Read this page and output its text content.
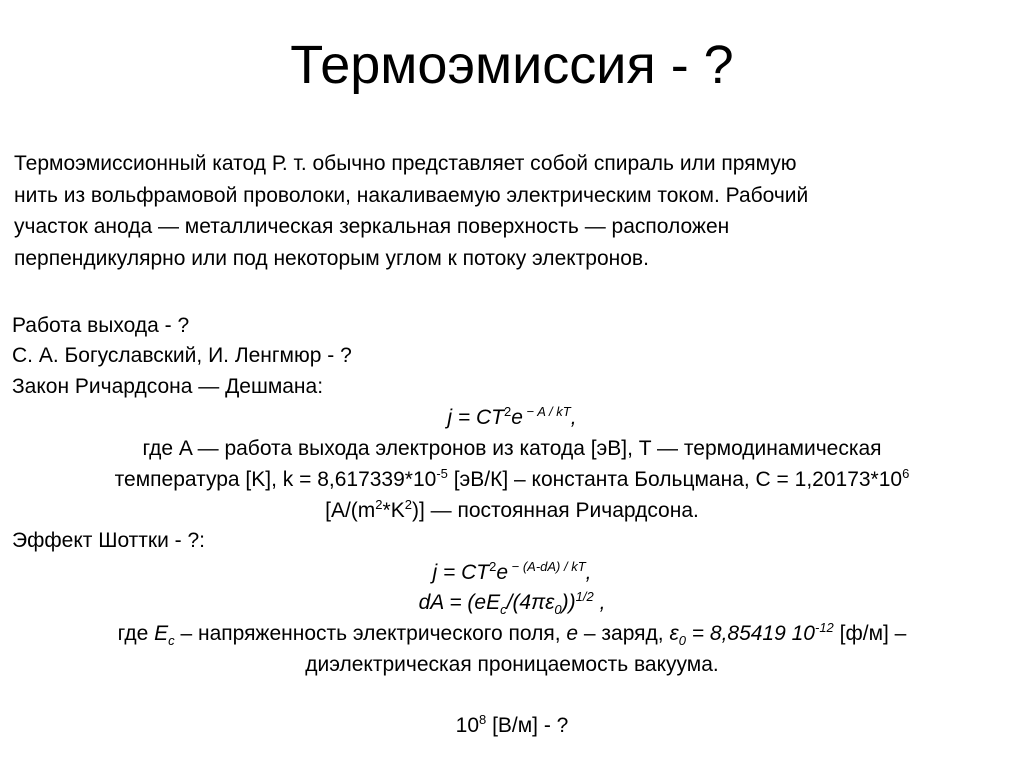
Термоэмиссия - ?
Термоэмиссионный катод Р. т. обычно представляет собой спираль или прямую
нить из вольфрамовой проволоки, накаливаемую электрическим током. Рабочий
участок анода — металлическая зеркальная поверхность — расположен
перпендикулярно или под некоторым углом к потоку электронов.
Работа выхода - ?
С. А. Богуславский, И. Ленгмюр - ?
Закон Ричардсона — Дешмана:
$j = CT^2e$ $^{- A / kT}$,
где A — работа выхода электронов из катода [эВ], T — термодинамическая
температура [K], $k = 8,617339*10^{-5}$ [эВ/К] – константа Больцмана, $C = 1,20173*10^6$
$[A/(m^2*K^2)]$ — постоянная Ричардсона.
Эффект Шоттки - ?:
$j = CT^2e$ $^{- (A-dA) / kT}$,
dA = $(eE_c/(4\pi\varepsilon_0))^{1/2}$ ,
где $E_c$ – напряженность электрического поля, e – заряд, $\varepsilon_0 = 8,85419$ $10^{-12}$ [ф/м] –
диэлектрическая проницаемость вакуума.
$10^8$ [В/м] - ?
